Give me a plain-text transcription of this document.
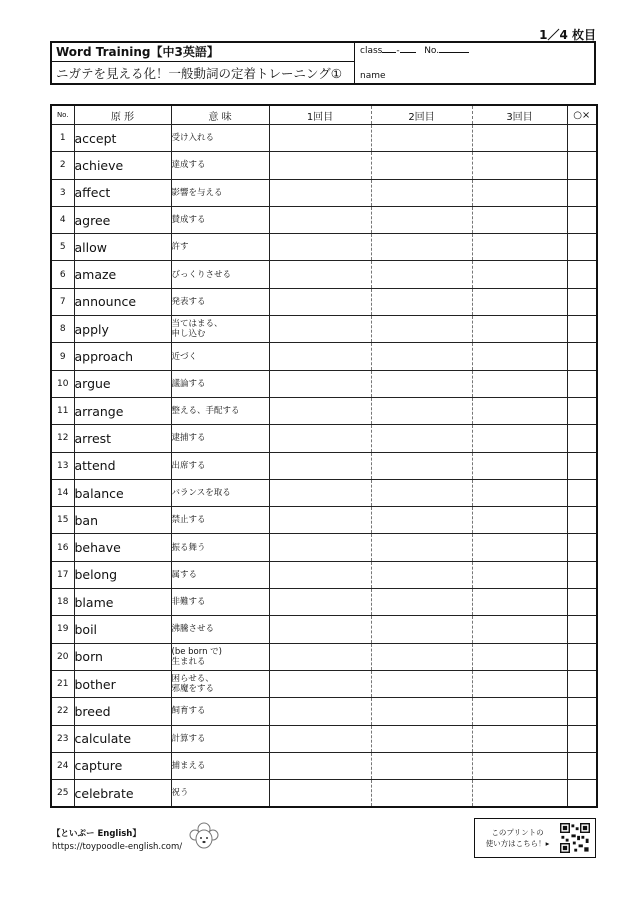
1／4 枚目
Word Training【中3英語】
ニガテを見える化！一般動詞の定着トレーニング①
class -	No.
name
No.	原 形	意 味	1回目	2回目	3回目	○×
1	accept	受け入れる				
2	achieve	達成する				
3	affect	影響を与える				
4	agree	賛成する				
5	allow	許す				
6	amaze	びっくりさせる				
7	announce	発表する				
8	apply	当てはまる、
申し込む				
9	approach	近づく				
10	argue	議論する				
11	arrange	整える、手配する				
12	arrest	逮捕する				
13	attend	出席する				
14	balance	バランスを取る				
15	ban	禁止する				
16	behave	振る舞う				
17	belong	属する				
18	blame	非難する				
19	boil	沸騰させる				
20	born	(be born で)
生まれる				
21	bother	困らせる、
邪魔をする				
22	breed	飼育する				
23	calculate	計算する				
24	capture	捕まえる				
25	celebrate	祝う				
【といぷー English】
https://toypoodle-english.com/
このプリントの
使い方はこちら！▸
